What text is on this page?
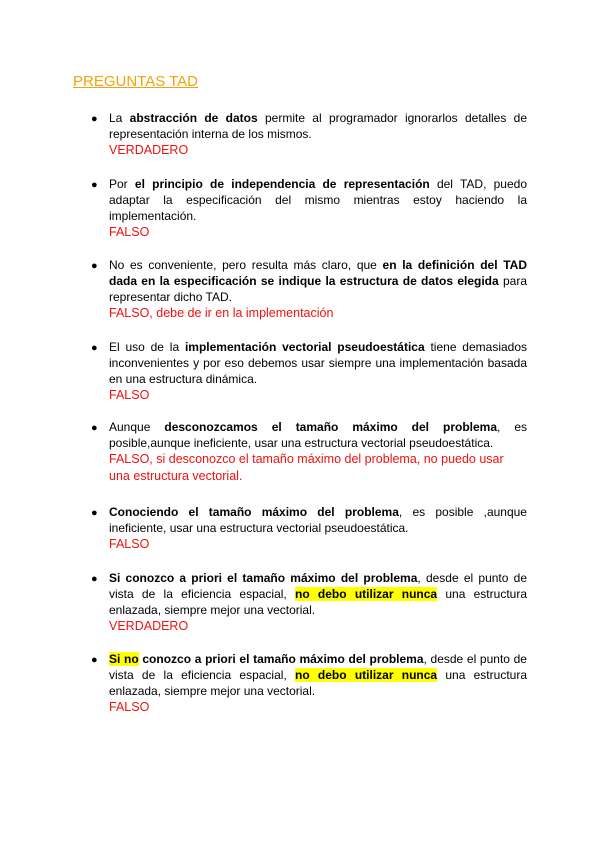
PREGUNTAS TAD
● La abstracción de datos permite al programador ignorarlos detalles de representación interna de los mismos.
VERDADERO
● Por el principio de independencia de representación del TAD, puedo adaptar la especificación del mismo mientras estoy haciendo la implementación.
FALSO
● No es conveniente, pero resulta más claro, que en la definición del TAD dada en la especificación se indique la estructura de datos elegida para representar dicho TAD.
FALSO, debe de ir en la implementación
● El uso de la implementación vectorial pseudoestática tiene demasiados inconvenientes y por eso debemos usar siempre una implementación basada en una estructura dinámica.
FALSO
● Aunque desconozcamos el tamaño máximo del problema, es posible,aunque ineficiente, usar una estructura vectorial pseudoestática.
FALSO, si desconozco el tamaño máximo del problema, no puedo usar una estructura vectorial.
● Conociendo el tamaño máximo del problema, es posible ,aunque ineficiente, usar una estructura vectorial pseudoestática.
FALSO
● Si conozco a priori el tamaño máximo del problema, desde el punto de vista de la eficiencia espacial, no debo utilizar nunca una estructura enlazada, siempre mejor una vectorial.
VERDADERO
● Si no conozco a priori el tamaño máximo del problema, desde el punto de vista de la eficiencia espacial, no debo utilizar nunca una estructura enlazada, siempre mejor una vectorial.
FALSO
